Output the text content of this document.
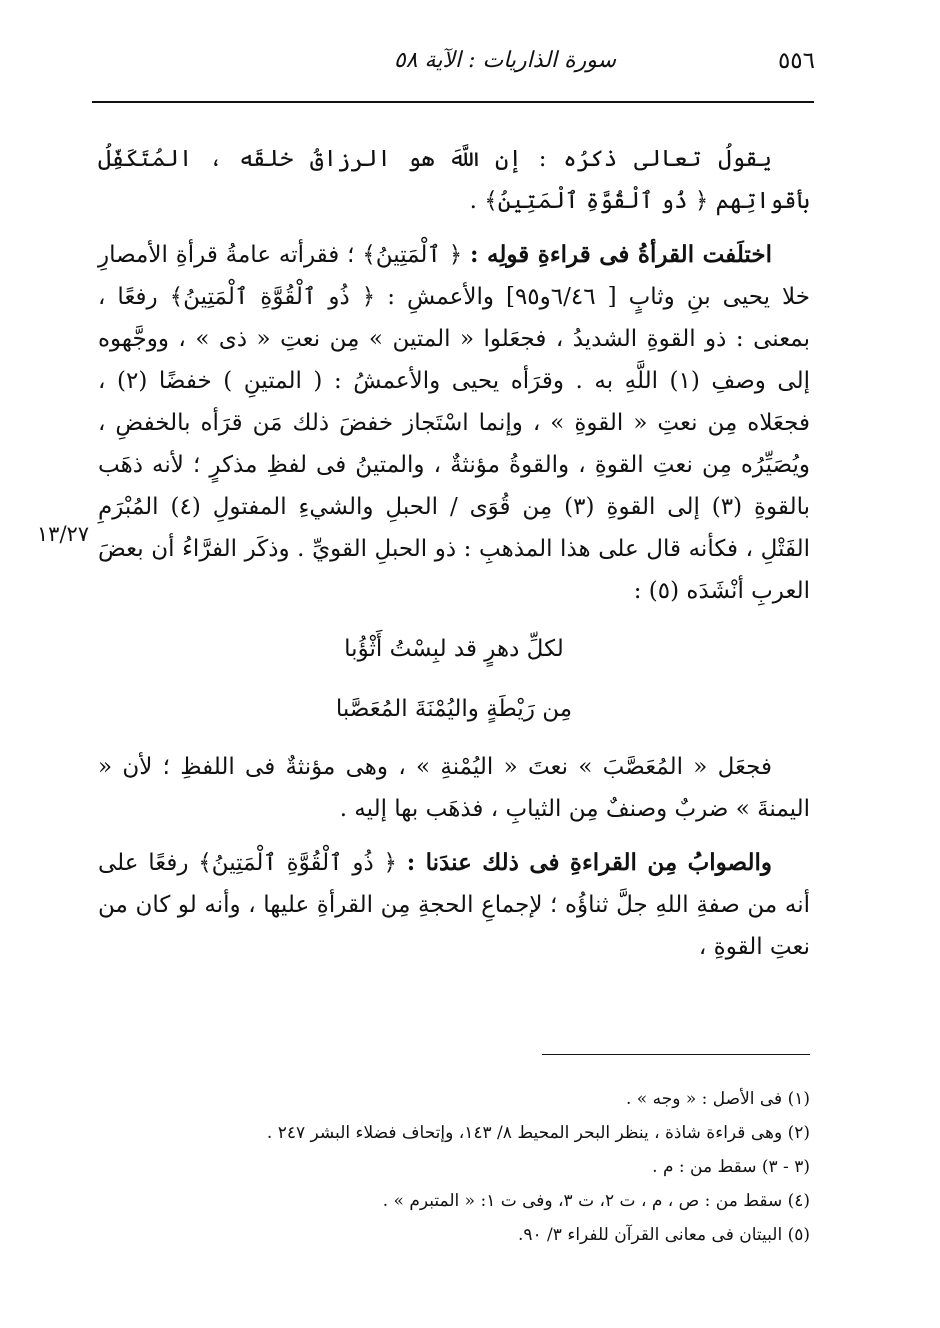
٥٥٦
سورة الذاريات : الآية ٥٨
١٣/٢٧

يقولُ تعالى ذكرُه : إن اللَّهَ هو الرزاقُ خلقَه ، المُتَكَفِّلُ بأقواتِهم ﴿ ذُو ٱلْقُوَّةِ ٱلْمَتِينُ﴾ .

اختلَفت القرأةُ فى قراءةِ قولِه : ﴿ ٱلْمَتِينُ﴾ ؛ فقرأته عامةُ قرأةِ الأمصارِ خلا يحيى بنِ وثابٍ [ ٦/٤٦و٩٥] والأعمشِ : ﴿ ذُو ٱلْقُوَّةِ ٱلْمَتِينُ﴾ رفعًا ، بمعنى : ذو القوةِ الشديدُ ، فجعَلوا « المتين » مِن نعتِ « ذى » ، ووجَّهوه إلى وصفِ (١) اللَّهِ به . وقرَأه يحيى والأعمشُ : ( المتينِ ) خفضًا (٢) ، فجعَلاه مِن نعتِ « القوةِ » ، وإنما اسْتَجاز خفضَ ذلك مَن قرَأه بالخفضِ ، ويُصَيِّرُه مِن نعتِ القوةِ ، والقوةُ مؤنثةٌ ، والمتينُ فى لفظِ مذكرٍ ؛ لأنه ذهَب بالقوةِ (٣) إلى القوةِ (٣) مِن قُوَى / الحبلِ والشيءِ المفتولِ (٤) المُبْرَمِ الفَتْلِ ، فكأنه قال على هذا المذهبِ : ذو الحبلِ القويِّ . وذكَر الفرَّاءُ أن بعضَ العربِ أنْشَدَه (٥) :

لكلِّ دهرٍ قد لبِسْتُ أَثْؤُبا

مِن رَيْطَةٍ واليُمْنَةَ المُعَصَّبا

فجعَل « المُعَصَّبَ » نعتَ « اليُمْنةِ » ، وهى مؤنثةٌ فى اللفظِ ؛ لأن « اليمنةَ » ضربٌ وصنفٌ مِن الثيابِ ، فذهَب بها إليه .

والصوابُ مِن القراءةِ فى ذلك عندَنا : ﴿ ذُو ٱلْقُوَّةِ ٱلْمَتِينُ﴾ رفعًا على أنه من صفةِ اللهِ جلَّ ثناؤُه ؛ لإجماعِ الحجةِ مِن القرأةِ عليها ، وأنه لو كان من نعتِ القوةِ ،

(١) فى الأصل : « وجه » .

(٢) وهى قراءة شاذة ، ينظر البحر المحيط ٨/ ١٤٣، وإتحاف فضلاء البشر ٢٤٧ .

(٣ - ٣) سقط من : م .

(٤) سقط من : ص ، م ، ت ٢، ت ٣، وفى ت ١: « المتبرم » .

(٥) البيتان فى معانى القرآن للفراء ٣/ ٩٠.
